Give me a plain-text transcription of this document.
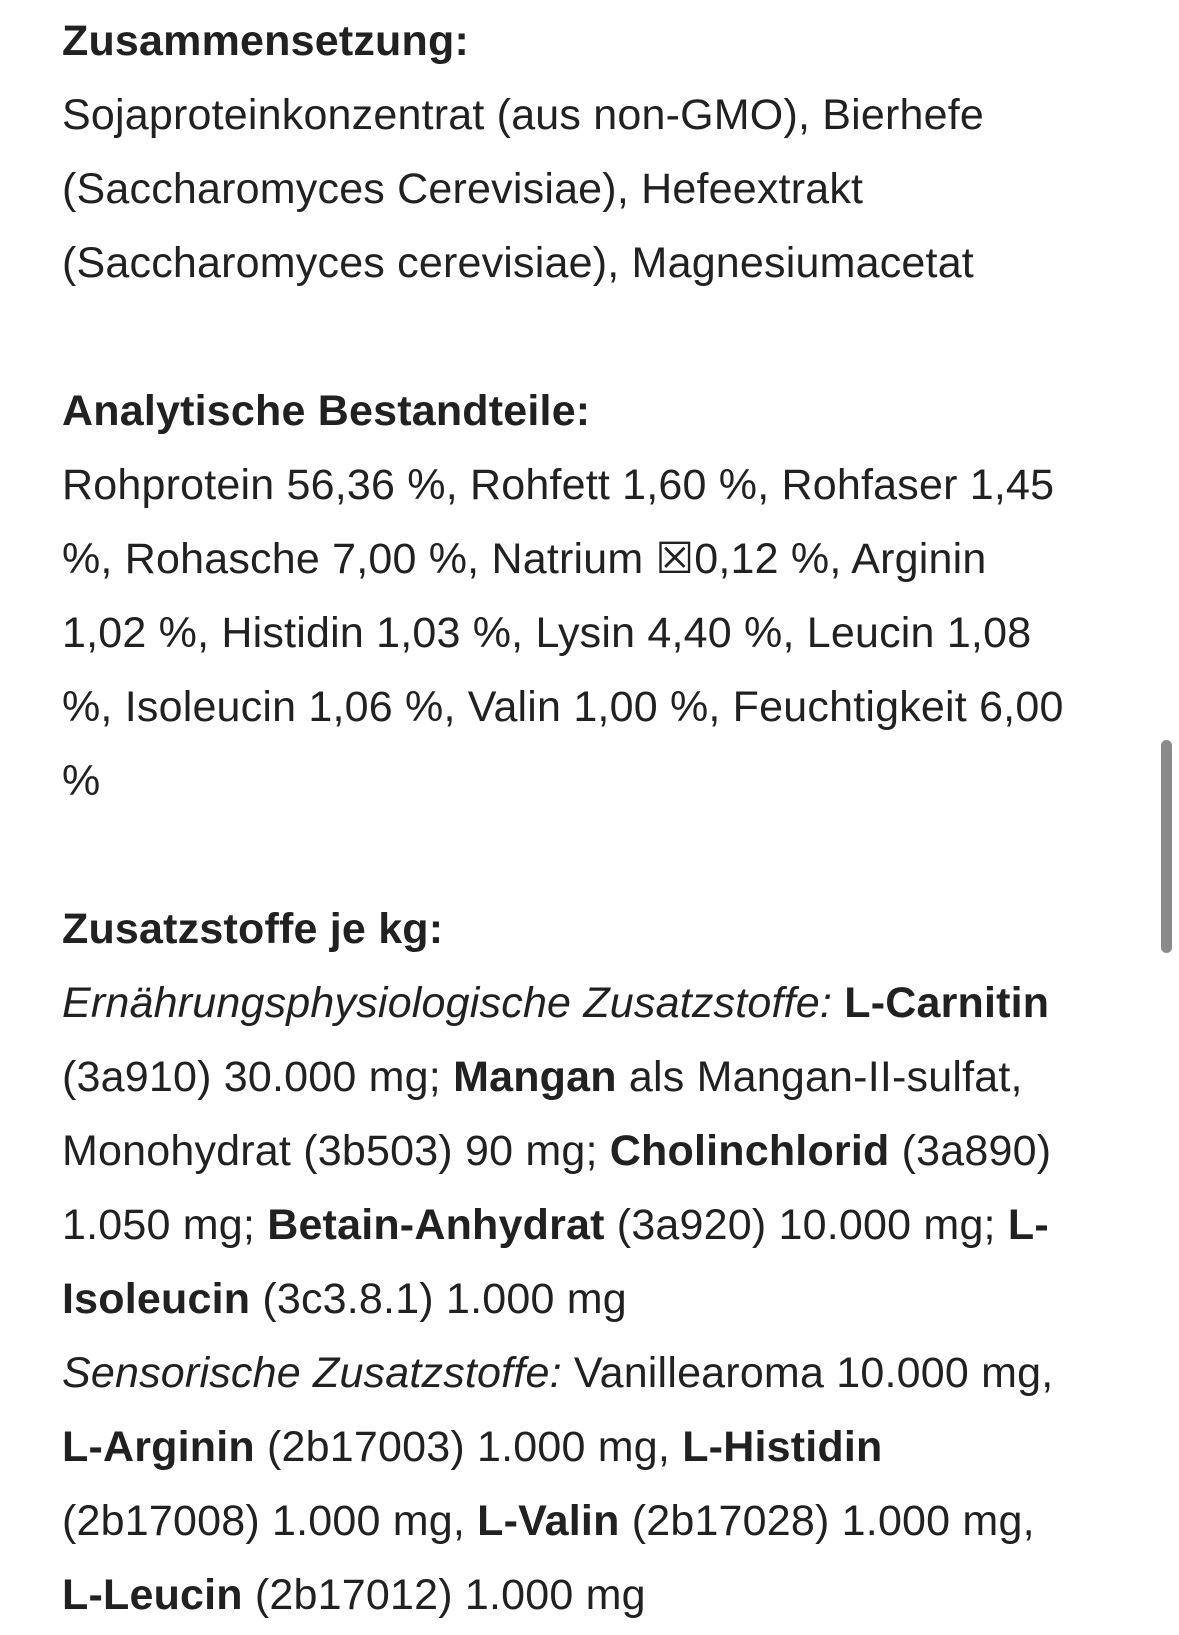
Zusammensetzung:

Sojaproteinkonzentrat (aus non-GMO), Bierhefe (Saccharomyces Cerevisiae), Hefeextrakt (Saccharomyces cerevisiae), Magnesiumacetat

Analytische Bestandteile:

Rohprotein 56,36 %, Rohfett 1,60 %, Rohfaser 1,45 %, Rohasche 7,00 %, Natrium ☒0,12 %, Arginin 1,02 %, Histidin 1,03 %, Lysin 4,40 %, Leucin 1,08 %, Isoleucin 1,06 %, Valin 1,00 %, Feuchtigkeit 6,00 %

Zusatzstoffe je kg:

Ernährungsphysiologische Zusatzstoffe: L-Carnitin (3a910) 30.000 mg; Mangan als Mangan-II-sulfat, Monohydrat (3b503) 90 mg; Cholinchlorid (3a890) 1.050 mg; Betain-Anhydrat (3a920) 10.000 mg; L-Isoleucin (3c3.8.1) 1.000 mg

Sensorische Zusatzstoffe: Vanillearoma 10.000 mg, L-Arginin (2b17003) 1.000 mg, L-Histidin (2b17008) 1.000 mg, L-Valin (2b17028) 1.000 mg, L-Leucin (2b17012) 1.000 mg
